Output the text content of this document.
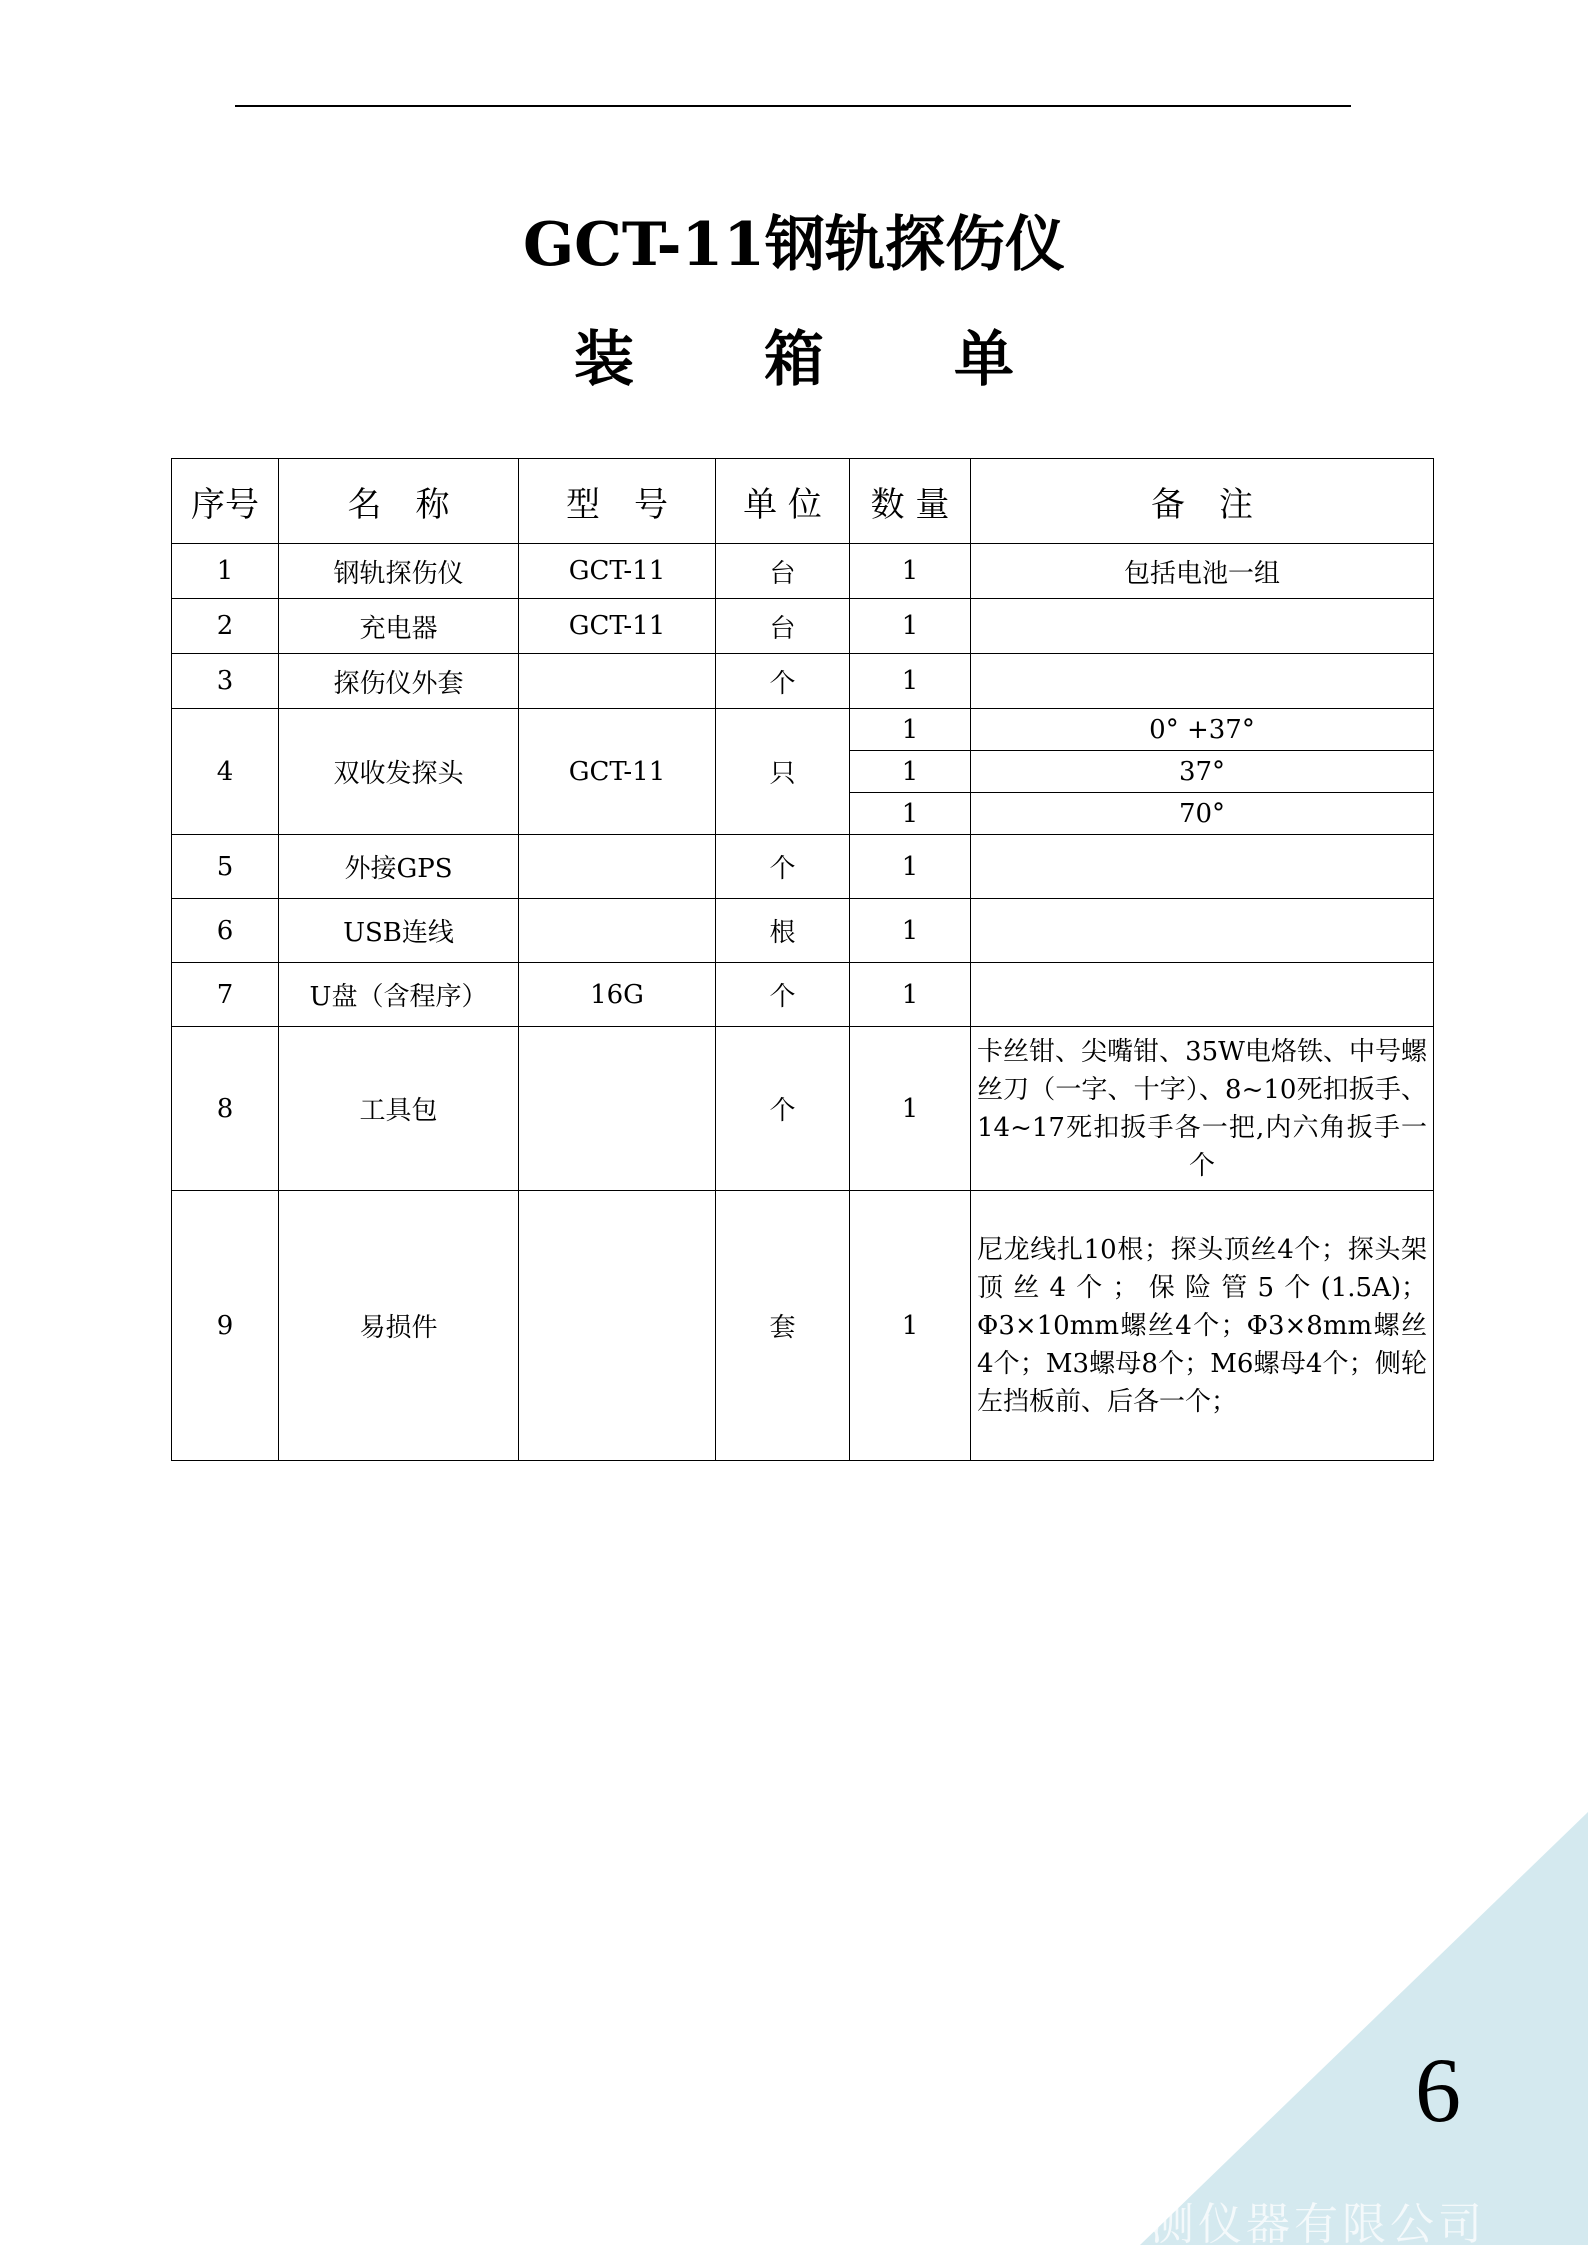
GCT-11钢轨探伤仪
装 箱 单
序号	名　称	型　号	单 位	数 量	备　注
1	钢轨探伤仪	GCT-11	台	1	包括电池一组
2	充电器	GCT-11	台	1	
3	探伤仪外套		个	1	
4	双收发探头	GCT-11	只	1	0° +37°
				1	37°
				1	70°
5	外接GPS		个	1	
6	USB连线		根	1	
7	U盘（含程序）	16G	个	1	
8	工具包		个	1	卡丝钳、尖嘴钳、35W电烙铁、中号螺丝刀（一字、十字）、8~10死扣扳手、14~17死扣扳手各一把,内六角扳手一个
9	易损件		套	1	尼龙线扎10根；探头顶丝4个；探头架顶丝4个；保险管5个(1.5A)；Φ3×10mm螺丝4个；Φ3×8mm螺丝4个；M3螺母8个；M6螺母4个；侧轮左挡板前、后各一个；
测仪器有限公司
6
